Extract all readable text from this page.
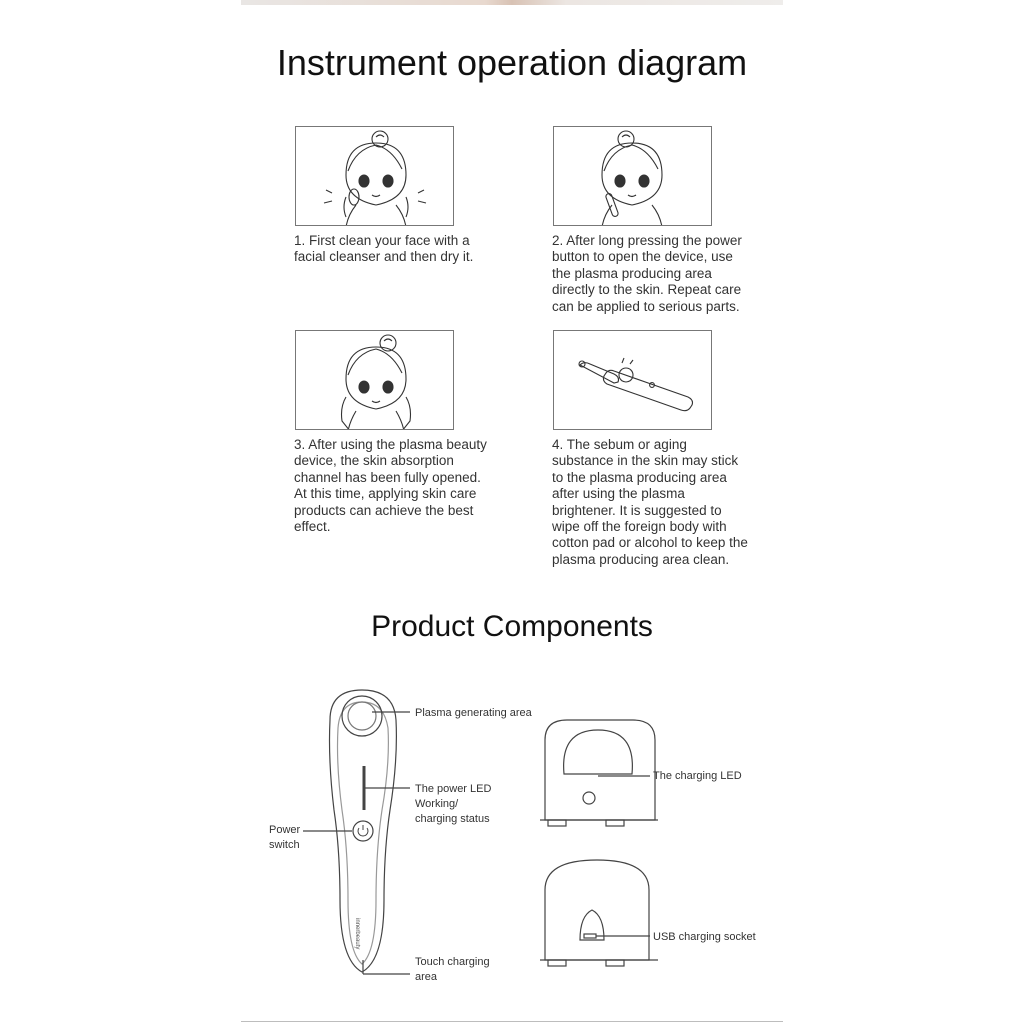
Instrument operation diagram
1. First clean your face with a facial cleanser and then dry it.
2. After long pressing the power button to open the device, use the plasma producing area directly to the skin. Repeat care can be applied to serious parts.
3. After using the plasma beauty device, the skin absorption channel has been fully opened. At this time, applying skin care products can achieve the best effect.
4. The sebum or aging substance in the skin may stick to the plasma producing area after using the plasma brightener. It is suggested to wipe off the foreign body with cotton pad or alcohol to keep the plasma producing area clean.
Product Components
innerbeauty
Plasma generating area
The power LED
Working/
charging status
Power
switch
Touch charging
area
The charging LED
USB charging socket
